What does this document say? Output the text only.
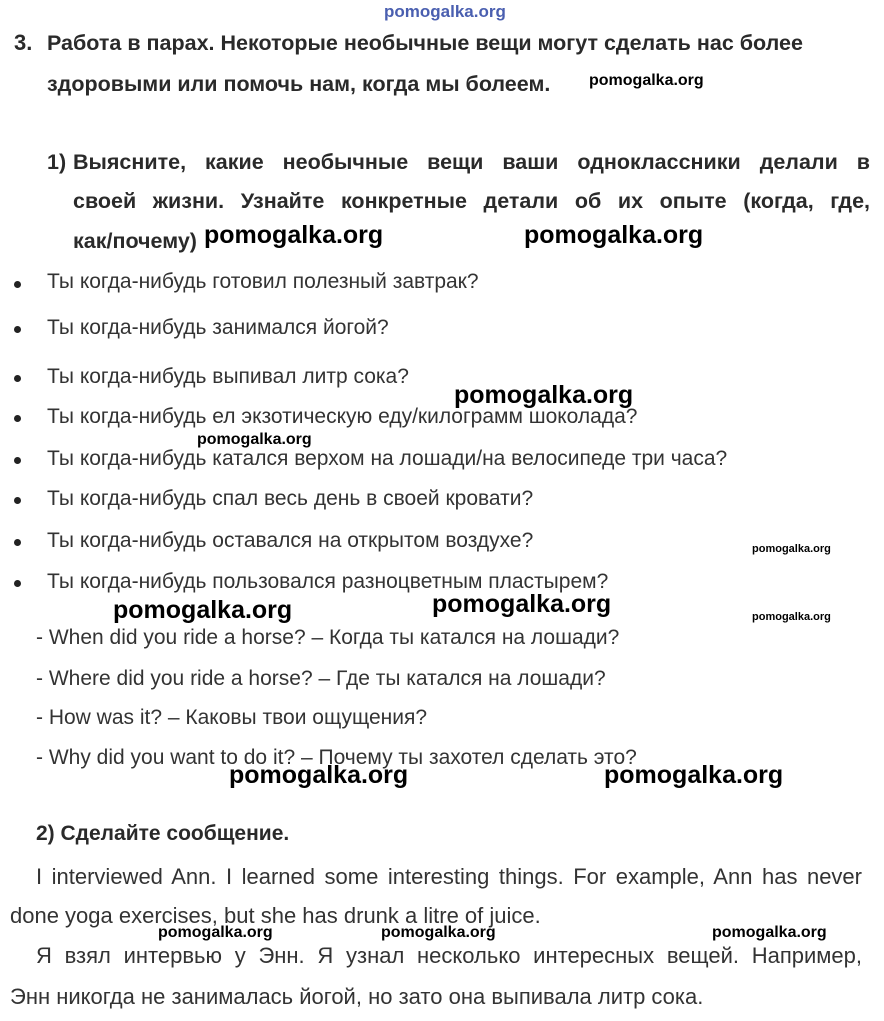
pomogalka.org
3. Работа в парах. Некоторые необычные вещи могут сделать нас более
здоровыми или помочь нам, когда мы болеем. pomogalka.org
1) Выясните, какие необычные вещи ваши одноклассники делали в
своей жизни. Узнайте конкретные детали об их опыте (когда, где,
как/почему) pomogalka.org	pomogalka.org
Ты когда-нибудь готовил полезный завтрак?
Ты когда-нибудь занимался йогой?
Ты когда-нибудь выпивал литр сока?
Ты когда-нибудь ел экзотическую еду/килограмм шоколада?
Ты когда-нибудь катался верхом на лошади/на велосипеде три часа?
Ты когда-нибудь спал весь день в своей кровати?
Ты когда-нибудь оставался на открытом воздухе?
Ты когда-нибудь пользовался разноцветным пластырем?
pomogalka.org
pomogalka.org
pomogalka.org
pomogalka.org	pomogalka.org	pomogalka.org
- When did you ride a horse? – Когда ты катался на лошади?
- Where did you ride a horse? – Где ты катался на лошади?
- How was it? – Каковы твои ощущения?
- Why did you want to do it? – Почему ты захотел сделать это?
pomogalka.org	pomogalka.org
2) Сделайте сообщение.
I interviewed Ann. I learned some interesting things. For example, Ann has never
done yoga exercises, but she has drunk a litre of juice.
pomogalka.org	pomogalka.org	pomogalka.org
Я взял интервью у Энн. Я узнал несколько интересных вещей. Например,
Энн никогда не занималась йогой, но зато она выпивала литр сока.
